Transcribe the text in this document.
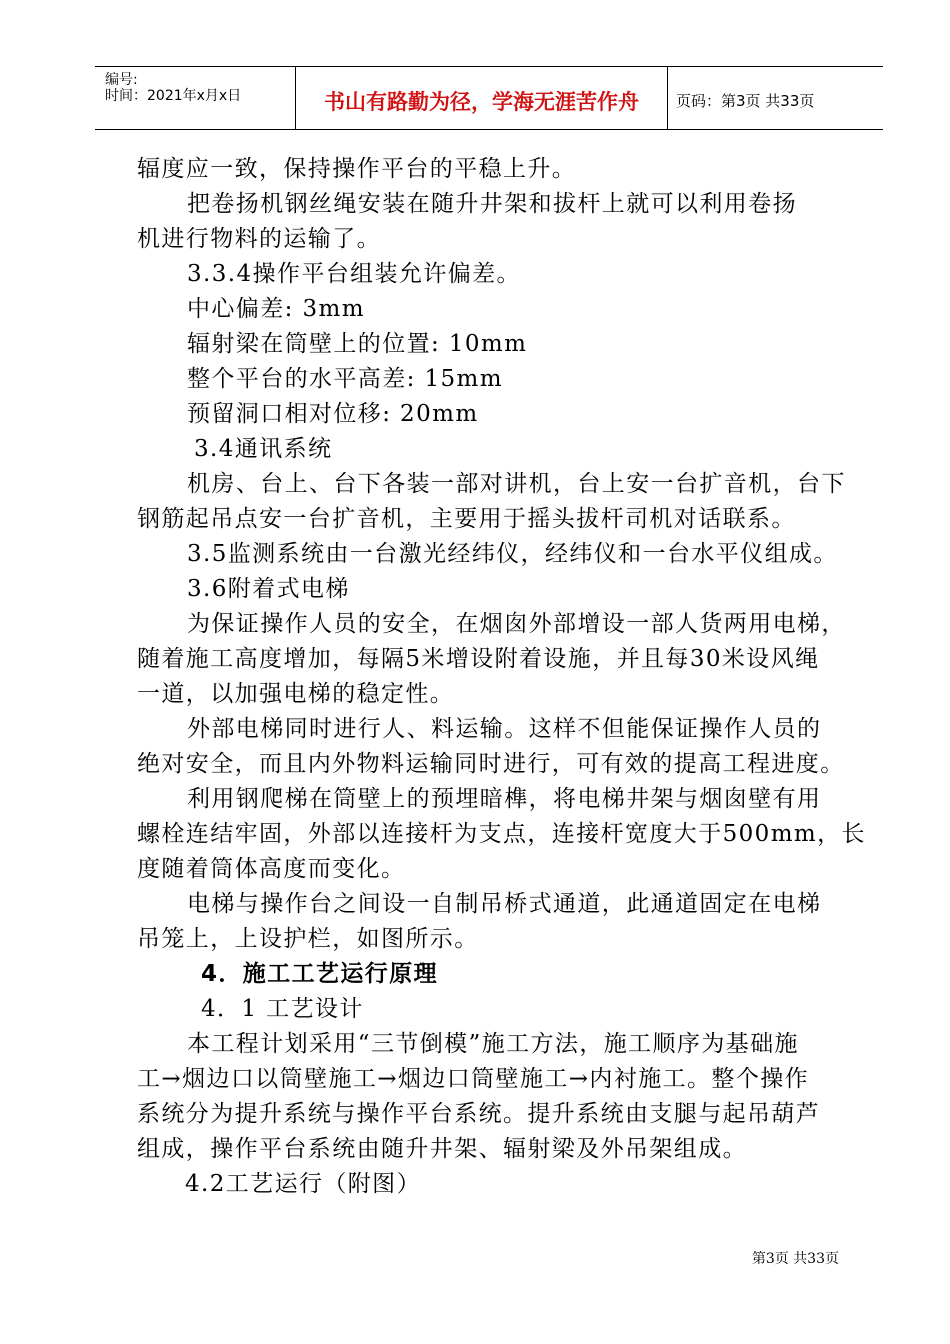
编号:
时间：2021年x月x日	书山有路勤为径，学海无涯苦作舟	页码：第3页 共33页

辐度应一致，保持操作平台的平稳上升。

把卷扬机钢丝绳安装在随升井架和拔杆上就可以利用卷扬

机进行物料的运输了。

3.3.4操作平台组装允许偏差。

中心偏差: 3mm

辐射梁在筒壁上的位置: 10mm

整个平台的水平高差: 15mm

预留洞口相对位移: 20mm

3.4通讯系统

机房、台上、台下各装一部对讲机，台上安一台扩音机，台下

钢筋起吊点安一台扩音机，主要用于摇头拔杆司机对话联系。

3.5监测系统由一台激光经纬仪，经纬仪和一台水平仪组成。

3.6附着式电梯

为保证操作人员的安全，在烟囱外部增设一部人货两用电梯，

随着施工高度增加，每隔5米增设附着设施，并且每30米设风绳

一道，以加强电梯的稳定性。

外部电梯同时进行人、料运输。这样不但能保证操作人员的

绝对安全，而且内外物料运输同时进行，可有效的提高工程进度。

利用钢爬梯在筒壁上的预埋暗榫，将电梯井架与烟囱壁有用

螺栓连结牢固，外部以连接杆为支点，连接杆宽度大于500mm，长

度随着筒体高度而变化。

电梯与操作台之间设一自制吊桥式通道，此通道固定在电梯

吊笼上，上设护栏，如图所示。

4．施工工艺运行原理

4．1 工艺设计

本工程计划采用“三节倒模”施工方法，施工顺序为基础施

工→烟边口以筒壁施工→烟边口筒壁施工→内衬施工。整个操作

系统分为提升系统与操作平台系统。提升系统由支腿与起吊葫芦

组成，操作平台系统由随升井架、辐射梁及外吊架组成。

4.2工艺运行（附图）

第3页 共33页
